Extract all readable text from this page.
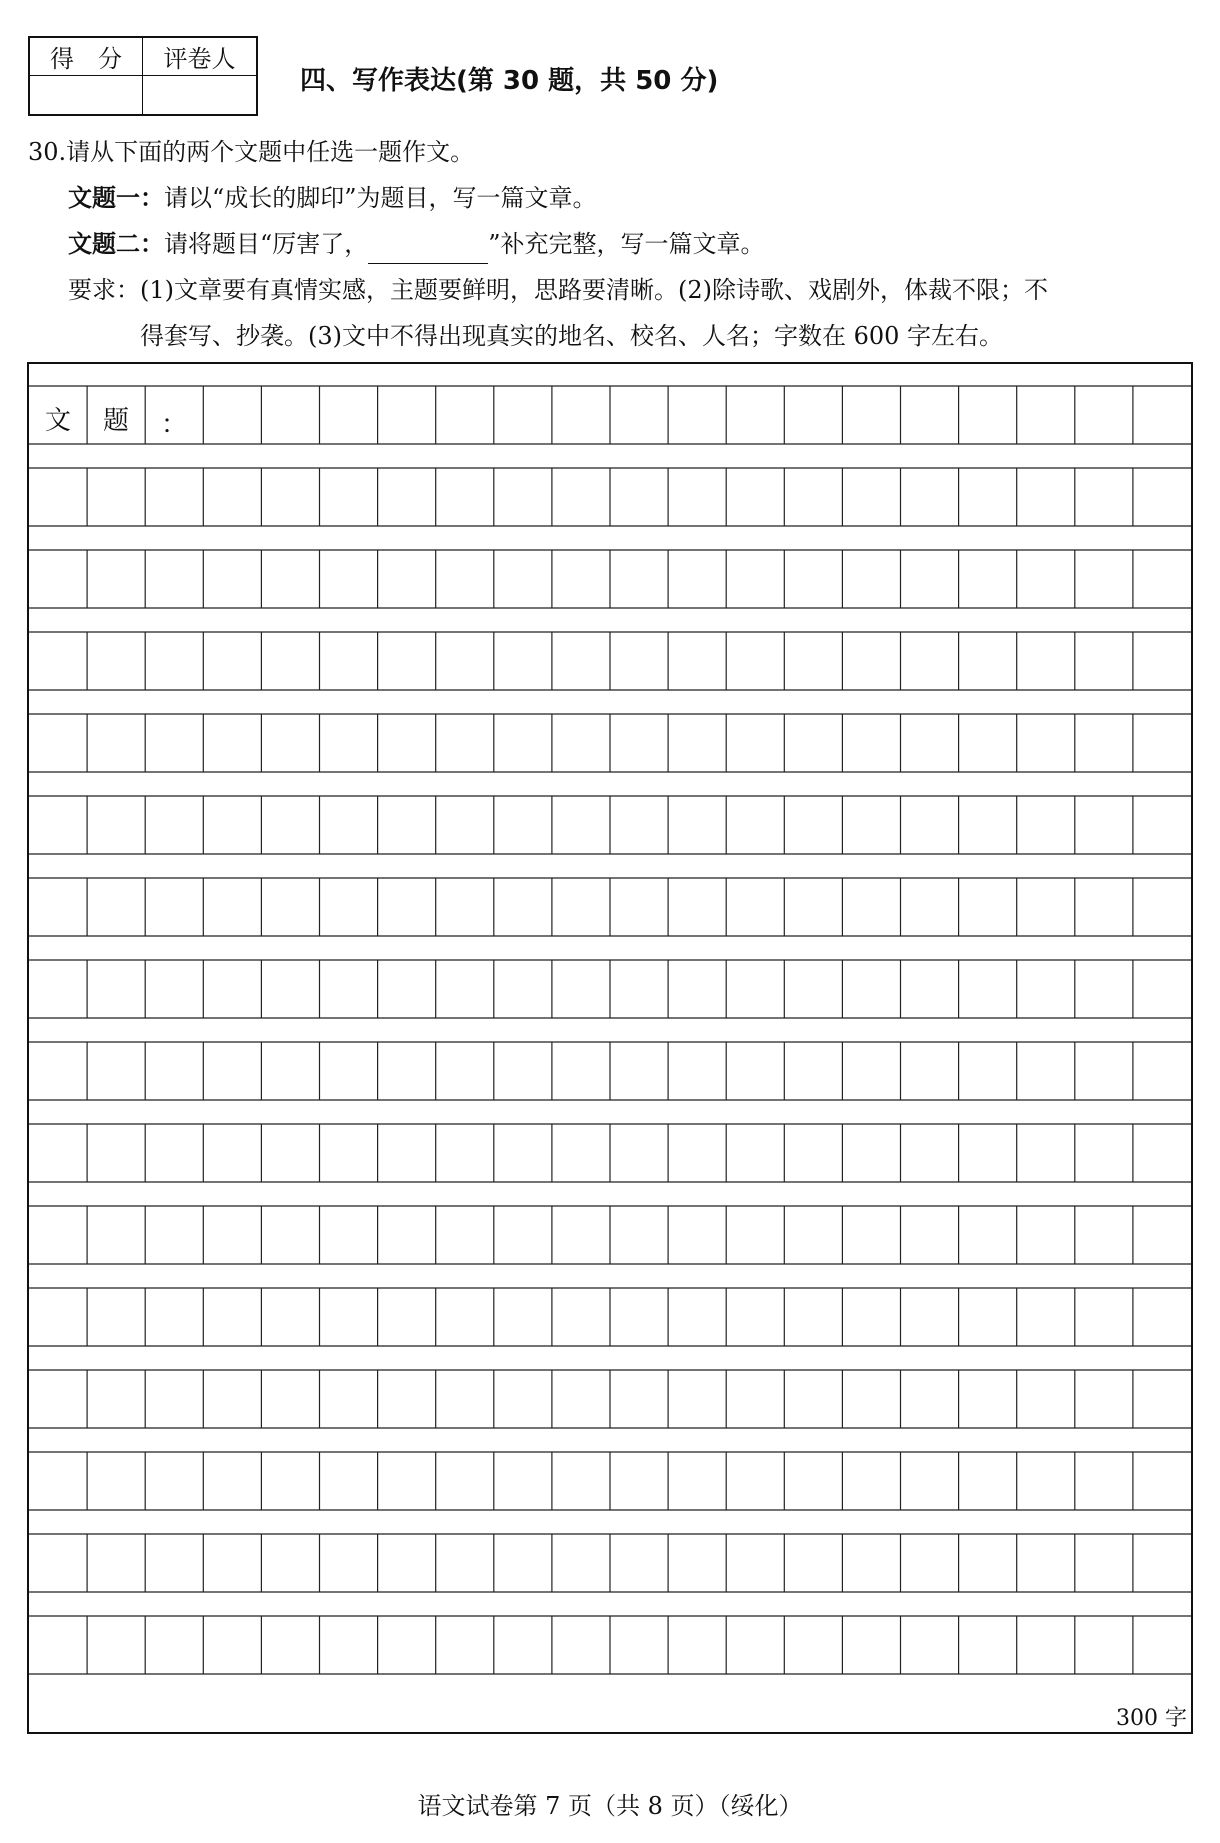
得　分	评卷人
四、写作表达(第 30 题，共 50 分)
30.请从下面的两个文题中任选一题作文。
文题一：请以“成长的脚印”为题目，写一篇文章。
文题二：请将题目“厉害了，	”补充完整，写一篇文章。
要求：(1)文章要有真情实感，主题要鲜明，思路要清晰。(2)除诗歌、戏剧外，体裁不限；不
得套写、抄袭。(3)文中不得出现真实的地名、校名、人名；字数在 600 字左右。
文	题	：
300 字
语文试卷第 7 页（共 8 页）（绥化）
